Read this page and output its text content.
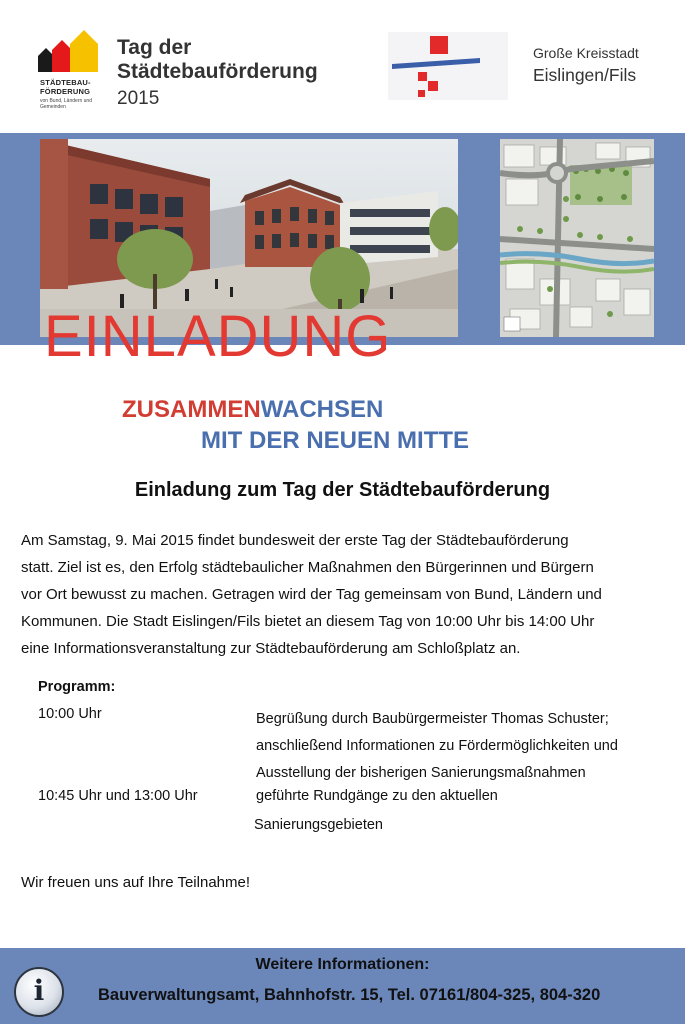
STÄDTEBAU-
FÖRDERUNG
von Bund, Ländern und Gemeinden
Tag der
Städtebauförderung
2015
Große Kreisstadt
Eislingen/Fils
EINLADUNG
ZUSAMMENWACHSEN
MIT DER NEUEN MITTE
Einladung zum Tag der Städtebauförderung
Am Samstag, 9. Mai 2015 findet bundesweit der erste Tag der Städtebauförderung
statt. Ziel ist es, den Erfolg städtebaulicher Maßnahmen den Bürgerinnen und Bürgern
vor Ort bewusst zu machen. Getragen wird der Tag gemeinsam von Bund, Ländern und
Kommunen. Die Stadt Eislingen/Fils bietet an diesem Tag von 10:00 Uhr bis 14:00 Uhr
eine Informationsveranstaltung zur Städtebauförderung am Schloßplatz an.
Programm:
10:00 Uhr	Begrüßung durch Baubürgermeister Thomas Schuster;
anschließend Informationen zu Fördermöglichkeiten und
Ausstellung der bisherigen Sanierungsmaßnahmen
10:45 Uhr und 13:00 Uhr	geführte Rundgänge zu den aktuellen
Sanierungsgebieten
Wir freuen uns auf Ihre Teilnahme!
i
Weitere Informationen:
Bauverwaltungsamt, Bahnhofstr. 15, Tel. 07161/804-325, 804-320
